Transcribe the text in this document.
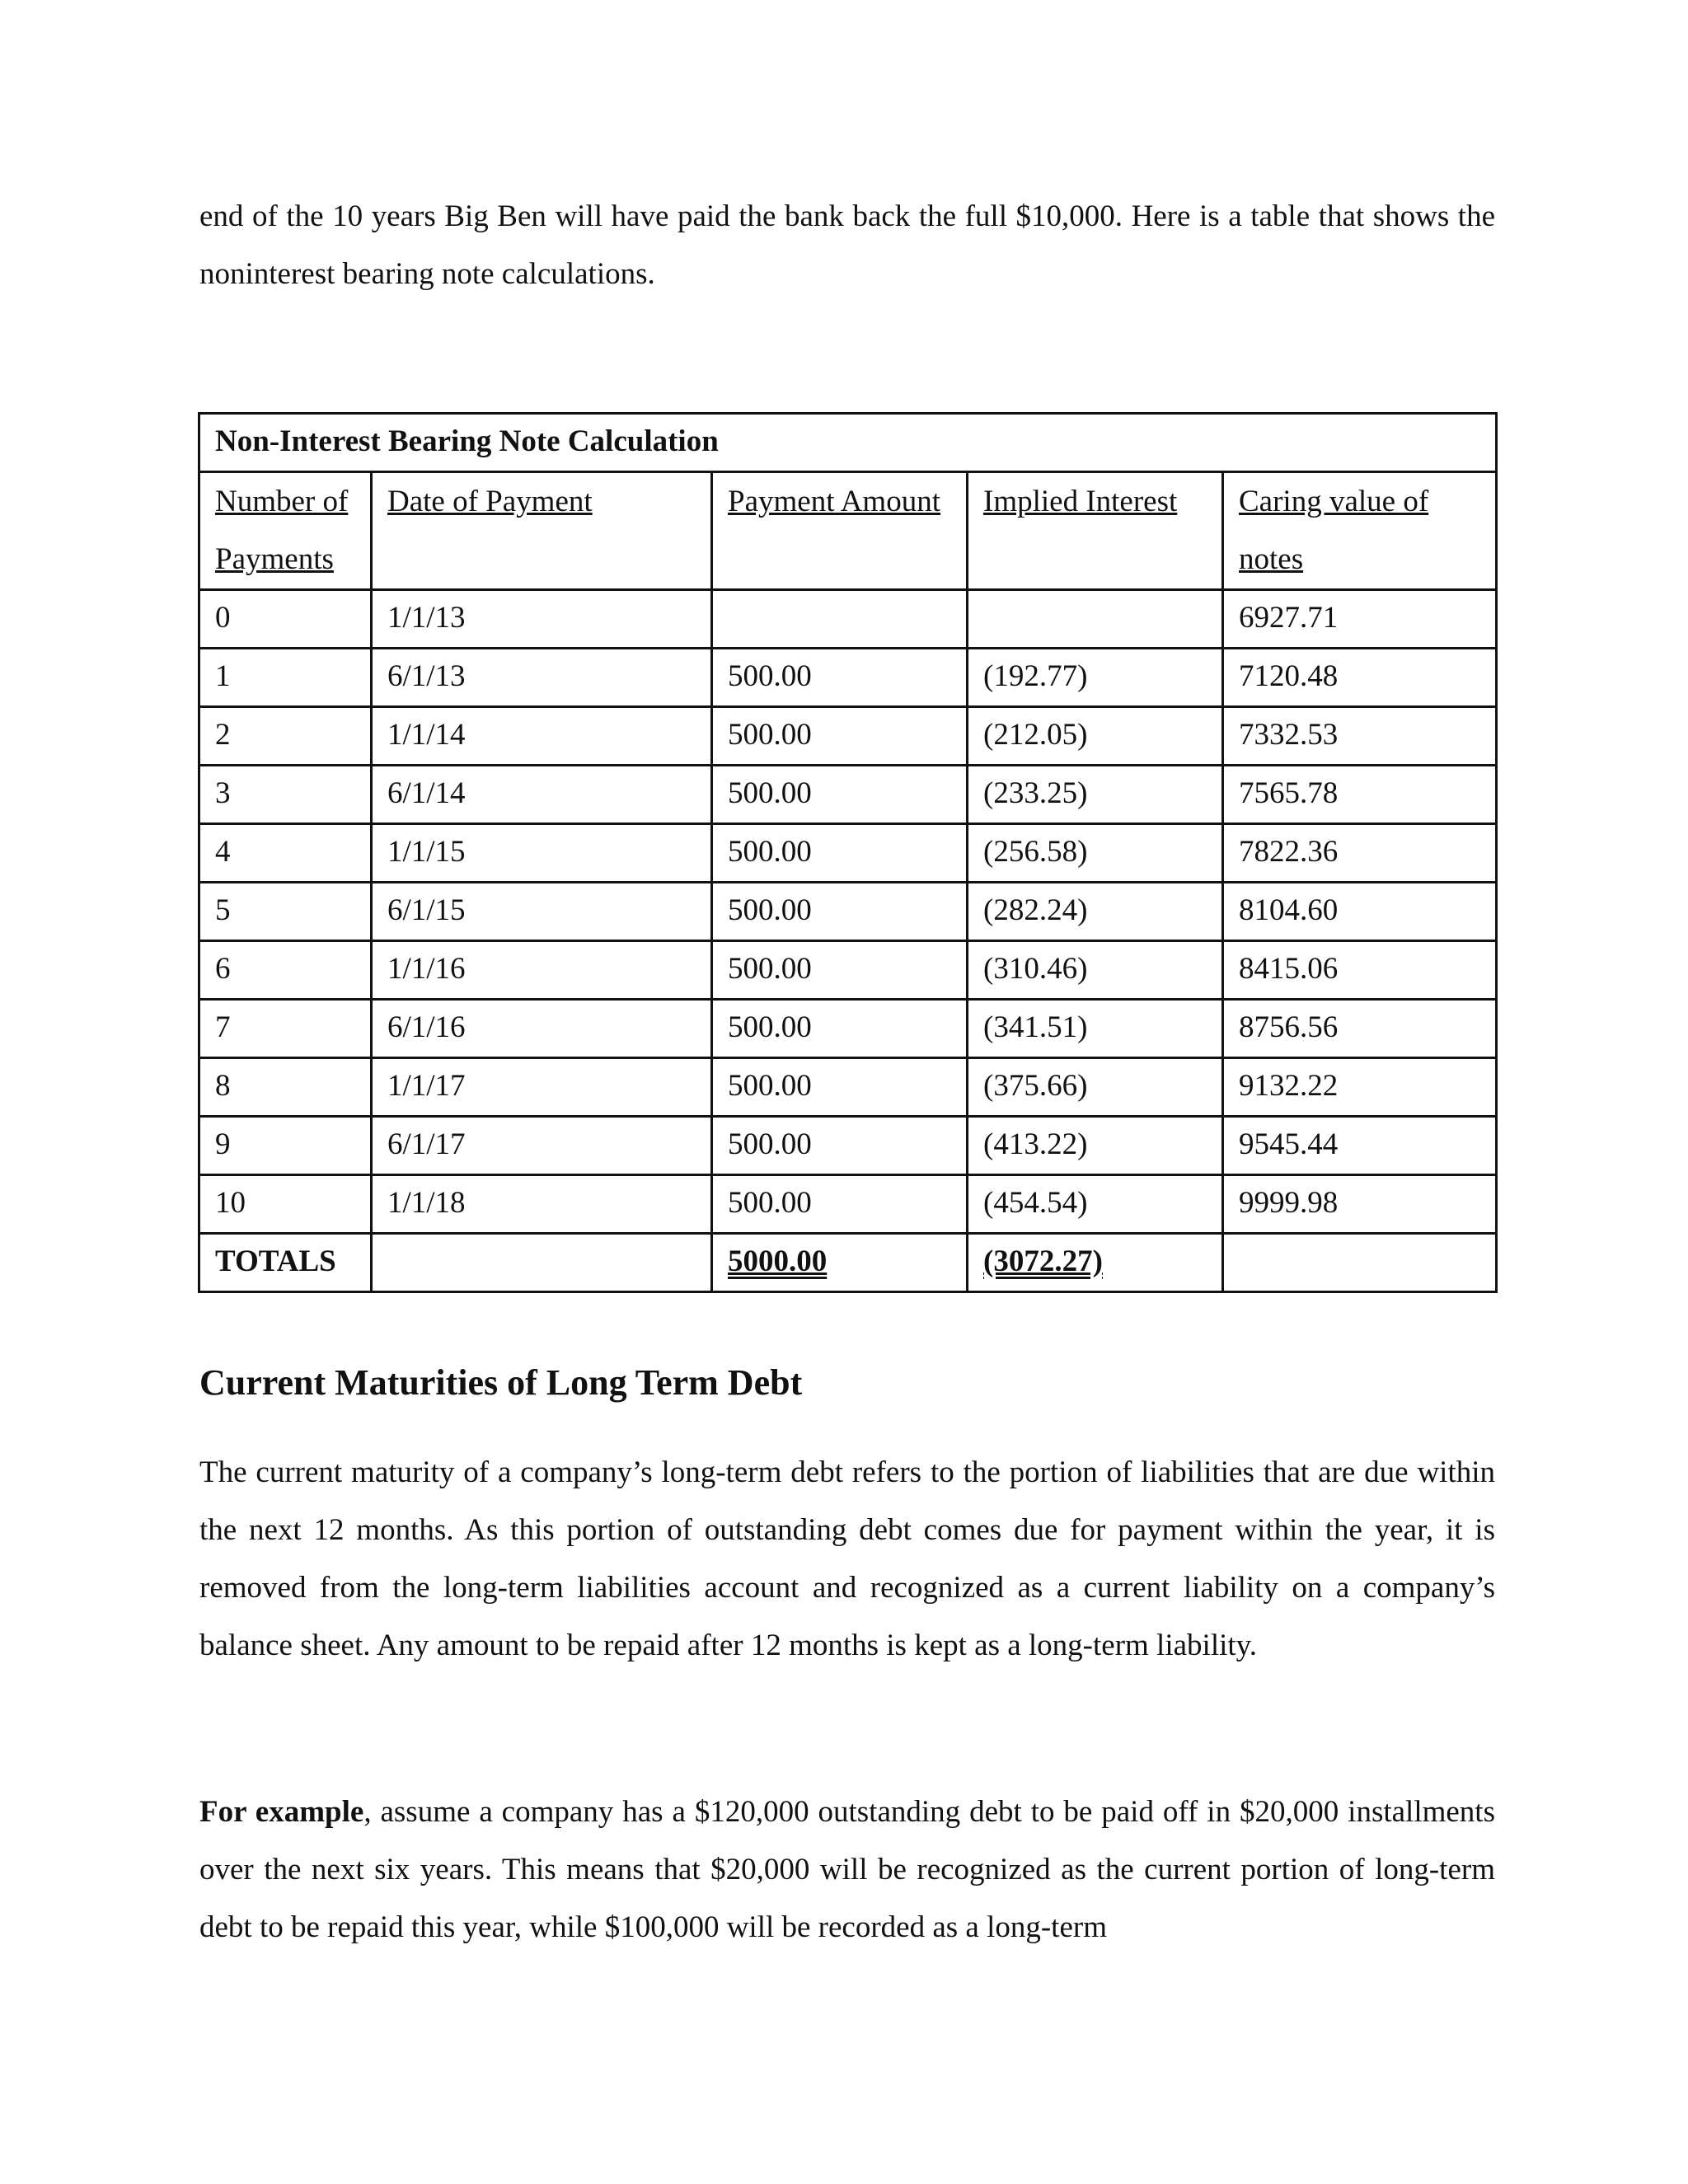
end of the 10 years Big Ben will have paid the bank back the full $10,000. Here is a table that shows the noninterest bearing note calculations.

Non-Interest Bearing Note Calculation				
Number of Payments	Date of Payment	Payment Amount	Implied Interest	Caring value of notes
0	1/1/13			6927.71
1	6/1/13	500.00	(192.77)	7120.48
2	1/1/14	500.00	(212.05)	7332.53
3	6/1/14	500.00	(233.25)	7565.78
4	1/1/15	500.00	(256.58)	7822.36
5	6/1/15	500.00	(282.24)	8104.60
6	1/1/16	500.00	(310.46)	8415.06
7	6/1/16	500.00	(341.51)	8756.56
8	1/1/17	500.00	(375.66)	9132.22
9	6/1/17	500.00	(413.22)	9545.44
10	1/1/18	500.00	(454.54)	9999.98
TOTALS		5000.00	(3072.27)	
Current Maturities of Long Term Debt

The current maturity of a company’s long-term debt refers to the portion of liabilities that are due within the next 12 months. As this portion of outstanding debt comes due for payment within the year, it is removed from the long-term liabilities account and recognized as a current liability on a company’s balance sheet. Any amount to be repaid after 12 months is kept as a long-term liability.

For example, assume a company has a $120,000 outstanding debt to be paid off in $20,000 installments over the next six years. This means that $20,000 will be recognized as the current portion of long-term debt to be repaid this year, while $100,000 will be recorded as a long-term
